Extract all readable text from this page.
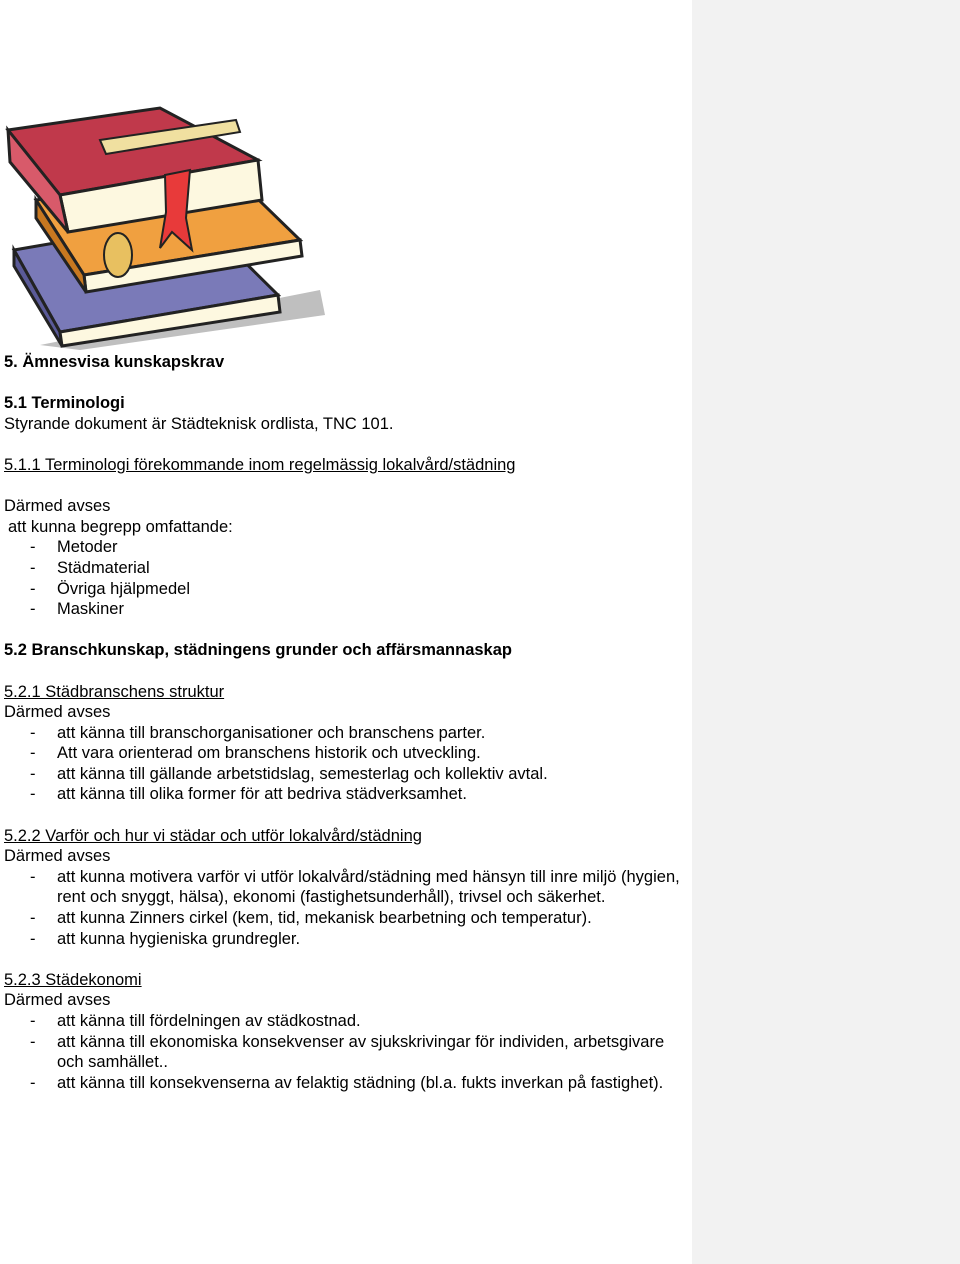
5. Ämnesvisa kunskapskrav
5.1 Terminologi
Styrande dokument är Städteknisk ordlista, TNC 101.
5.1.1 Terminologi förekommande inom regelmässig lokalvård/städning

Därmed avses
att kunna begrepp omfattande:
- Metoder
- Städmaterial
- Övriga hjälpmedel
- Maskiner
5.2 Branschkunskap, städningens grunder och affärsmannaskap
5.2.1 Städbranschens struktur
Därmed avses
- att känna till branschorganisationer och branschens parter.
- Att vara orienterad om branschens historik och utveckling.
- att känna till gällande arbetstidslag, semesterlag och kollektiv avtal.
- att känna till olika former för att bedriva städverksamhet.
5.2.2 Varför och hur vi städar och utför lokalvård/städning
Därmed avses
- att kunna motivera varför vi utför lokalvård/städning med hänsyn till inre miljö (hygien, rent och snyggt, hälsa), ekonomi (fastighetsunderhåll), trivsel och säkerhet.
- att kunna Zinners cirkel (kem, tid, mekanisk bearbetning och temperatur).
- att kunna hygieniska grundregler.
5.2.3 Städekonomi
Därmed avses
- att känna till fördelningen av städkostnad.
- att känna till ekonomiska konsekvenser av sjukskrivingar för individen, arbetsgivare och samhället..
- att känna till konsekvenserna av felaktig städning (bl.a. fukts inverkan på fastighet).
